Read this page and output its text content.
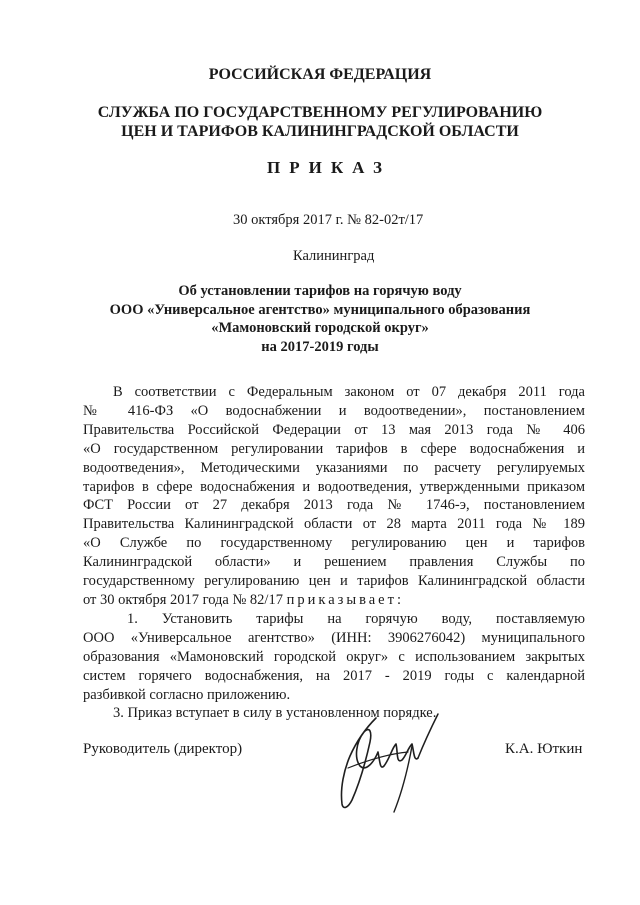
РОССИЙСКАЯ ФЕДЕРАЦИЯ
СЛУЖБА ПО ГОСУДАРСТВЕННОМУ РЕГУЛИРОВАНИЮ
ЦЕН И ТАРИФОВ КАЛИНИНГРАДСКОЙ ОБЛАСТИ
ПРИКАЗ
30 октября 2017 г. № 82-02т/17
Калининград
Об установлении тарифов на горячую воду
ООО «Универсальное агентство» муниципального образования
«Мамоновский городской округ»
на 2017-2019 годы
В соответствии с Федеральным законом от 07 декабря 2011 года
№ 416-ФЗ «О водоснабжении и водоотведении», постановлением
Правительства Российской Федерации от 13 мая 2013 года № 406
«О государственном регулировании тарифов в сфере водоснабжения и
водоотведения», Методическими указаниями по расчету регулируемых
тарифов в сфере водоснабжения и водоотведения, утвержденными приказом
ФСТ России от 27 декабря 2013 года № 1746-э, постановлением
Правительства Калининградской области от 28 марта 2011 года № 189
«О Службе по государственному регулированию цен и тарифов
Калининградской области» и решением правления Службы по
государственному регулированию цен и тарифов Калининградской области
от 30 октября 2017 года № 82/17 приказывает:
1. Установить тарифы на горячую воду, поставляемую
ООО «Универсальное агентство» (ИНН: 3906276042) муниципального
образования «Мамоновский городской округ» с использованием закрытых
систем горячего водоснабжения, на 2017 - 2019 годы с календарной
разбивкой согласно приложению.
3. Приказ вступает в силу в установленном порядке.
Руководитель (директор)	К.А. Юткин
